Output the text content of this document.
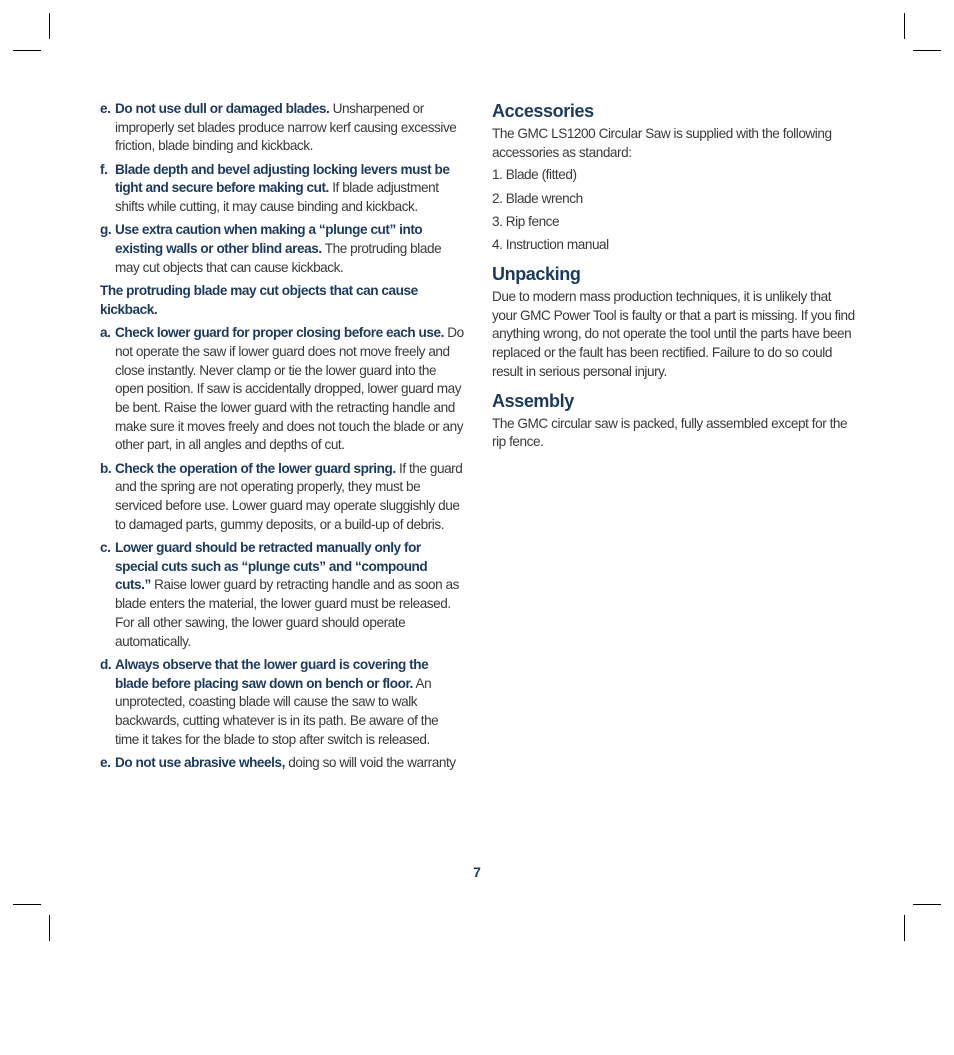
e. Do not use dull or damaged blades. Unsharpened or improperly set blades produce narrow kerf causing excessive friction, blade binding and kickback.
f. Blade depth and bevel adjusting locking levers must be tight and secure before making cut. If blade adjustment shifts while cutting, it may cause binding and kickback.
g. Use extra caution when making a “plunge cut” into existing walls or other blind areas. The protruding blade may cut objects that can cause kickback.

The protruding blade may cut objects that can cause kickback.

a. Check lower guard for proper closing before each use. Do not operate the saw if lower guard does not move freely and close instantly. Never clamp or tie the lower guard into the open position. If saw is accidentally dropped, lower guard may be bent. Raise the lower guard with the retracting handle and make sure it moves freely and does not touch the blade or any other part, in all angles and depths of cut.
b. Check the operation of the lower guard spring. If the guard and the spring are not operating properly, they must be serviced before use. Lower guard may operate sluggishly due to damaged parts, gummy deposits, or a build-up of debris.
c. Lower guard should be retracted manually only for special cuts such as “plunge cuts” and “compound cuts.” Raise lower guard by retracting handle and as soon as blade enters the material, the lower guard must be released. For all other sawing, the lower guard should operate automatically.
d. Always observe that the lower guard is covering the blade before placing saw down on bench or floor. An unprotected, coasting blade will cause the saw to walk backwards, cutting whatever is in its path. Be aware of the time it takes for the blade to stop after switch is released.
e. Do not use abrasive wheels, doing so will void the warranty
Accessories

The GMC LS1200 Circular Saw is supplied with the following accessories as standard:

1. Blade (fitted)
2. Blade wrench
3. Rip fence
4. Instruction manual
Unpacking

Due to modern mass production techniques, it is unlikely that your GMC Power Tool is faulty or that a part is missing. If you find anything wrong, do not operate the tool until the parts have been replaced or the fault has been rectified. Failure to do so could result in serious personal injury.

Assembly

The GMC circular saw is packed, fully assembled except for the rip fence.

7
